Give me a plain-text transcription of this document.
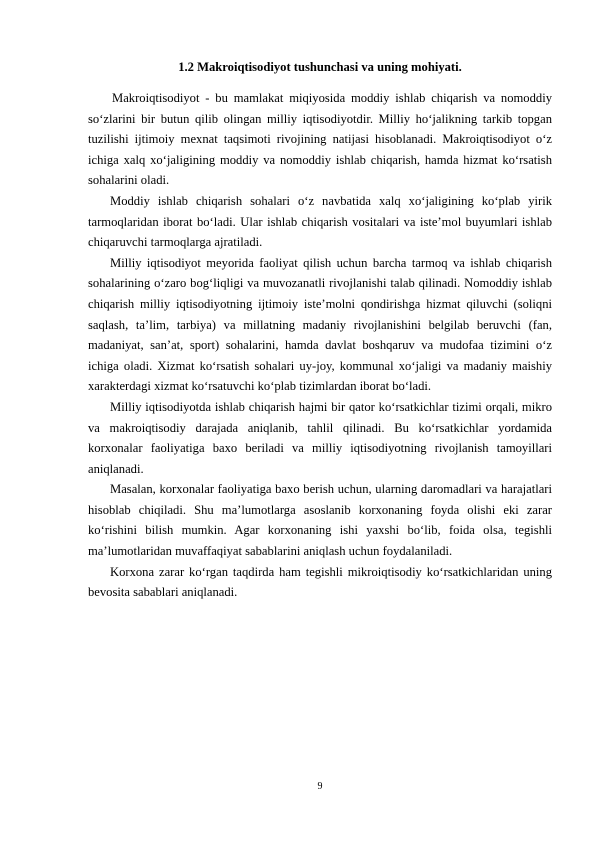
1.2 Makroiqtisodiyot tushunchasi va uning mohiyati.

Makroiqtisodiyot - bu mamlakat miqiyosida moddiy ishlab chiqarish va nomoddiy so‘zlarini bir butun qilib olingan milliy iqtisodiyotdir. Milliy ho‘jalikning tarkib topgan tuzilishi ijtimoiy mexnat taqsimoti rivojining natijasi hisoblanadi. Makroiqtisodiyot o‘z ichiga xalq xo‘jaligining moddiy va nomoddiy ishlab chiqarish, hamda hizmat ko‘rsatish sohalarini oladi.

Moddiy ishlab chiqarish sohalari o‘z navbatida xalq xo‘jaligining ko‘plab yirik tarmoqlaridan iborat bo‘ladi. Ular ishlab chiqarish vositalari va iste’mol buyumlari ishlab chiqaruvchi tarmoqlarga ajratiladi.

Milliy iqtisodiyot meyorida faoliyat qilish uchun barcha tarmoq va ishlab chiqarish sohalarining o‘zaro bog‘liqligi va muvozanatli rivojlanishi talab qilinadi. Nomoddiy ishlab chiqarish milliy iqtisodiyotning ijtimoiy iste’molni qondirishga hizmat qiluvchi (soliqni saqlash, ta’lim, tarbiya) va millatning madaniy rivojlanishini belgilab beruvchi (fan, madaniyat, san’at, sport) sohalarini, hamda davlat boshqaruv va mudofaa tizimini o‘z ichiga oladi. Xizmat ko‘rsatish sohalari uy-joy, kommunal xo‘jaligi va madaniy maishiy xarakterdagi xizmat ko‘rsatuvchi ko‘plab tizimlardan iborat bo‘ladi.

Milliy iqtisodiyotda ishlab chiqarish hajmi bir qator ko‘rsatkichlar tizimi orqali, mikro va makroiqtisodiy darajada aniqlanib, tahlil qilinadi. Bu ko‘rsatkichlar yordamida korxonalar faoliyatiga baxo beriladi va milliy iqtisodiyotning rivojlanish tamoyillari aniqlanadi.

Masalan, korxonalar faoliyatiga baxo berish uchun, ularning daromadlari va harajatlari hisoblab chiqiladi. Shu ma’lumotlarga asoslanib korxonaning foyda olishi eki zarar ko‘rishini bilish mumkin. Agar korxonaning ishi yaxshi bo‘lib, foida olsa, tegishli ma’lumotlaridan muvaffaqiyat sabablarini aniqlash uchun foydalaniladi.

Korxona zarar ko‘rgan taqdirda ham tegishli mikroiqtisodiy ko‘rsatkichlaridan uning bevosita sabablari aniqlanadi.

9
